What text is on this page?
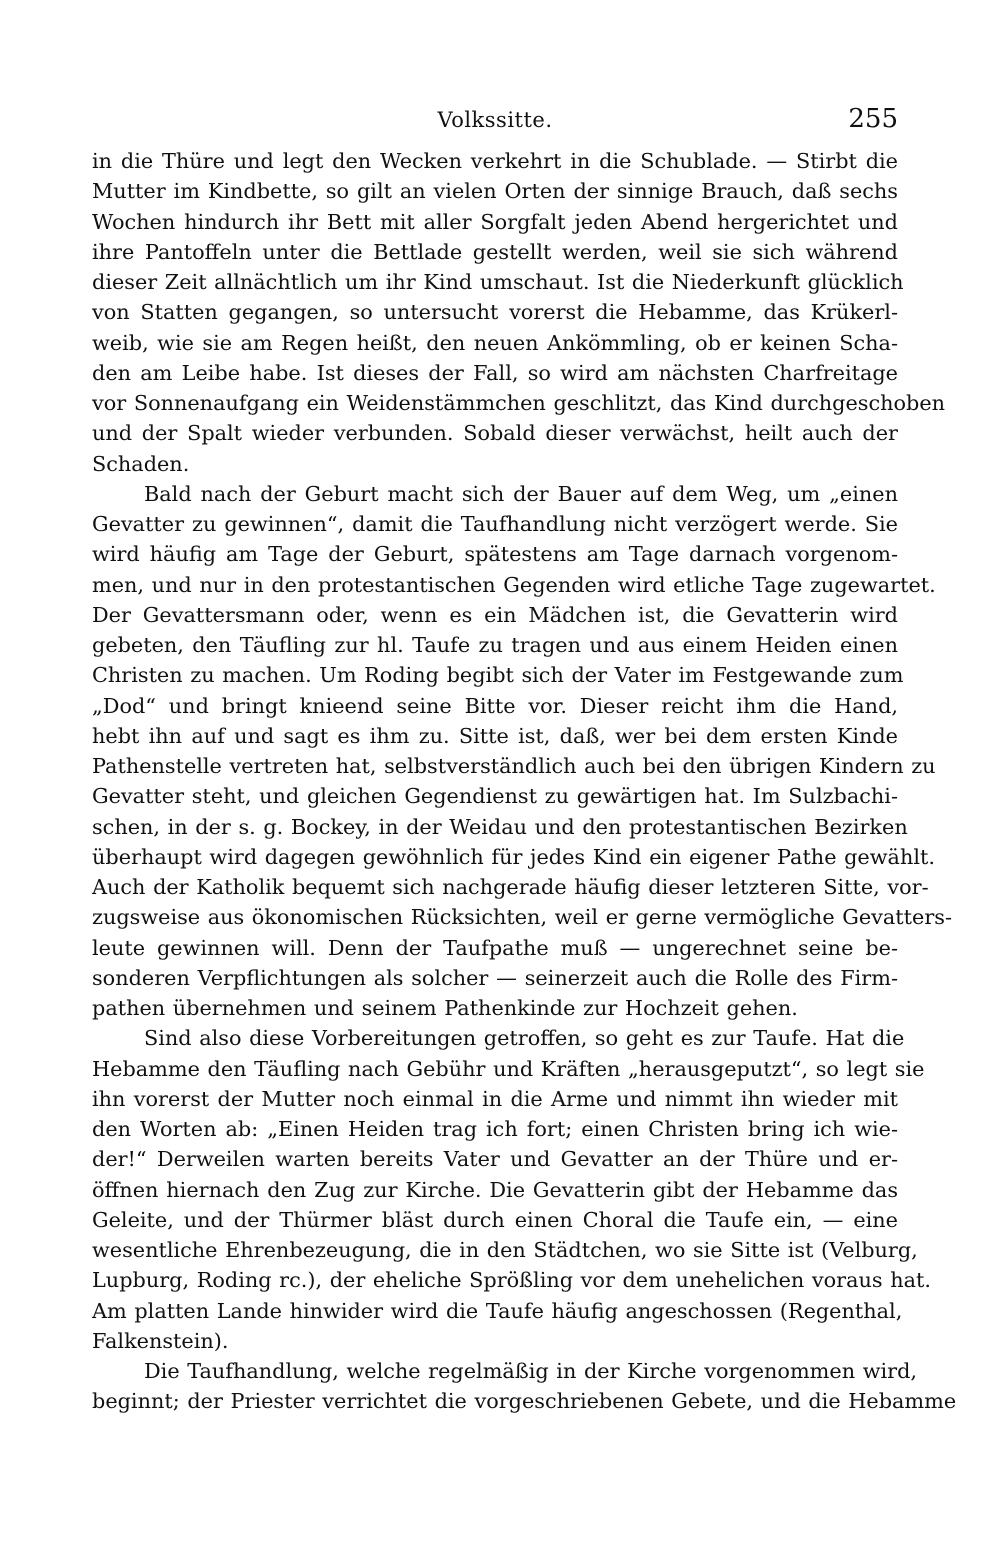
Volkssitte.	255
in die Thüre und legt den Wecken verkehrt in die Schublade. — Stirbt die
Mutter im Kindbette, so gilt an vielen Orten der sinnige Brauch, daß sechs
Wochen hindurch ihr Bett mit aller Sorgfalt jeden Abend hergerichtet und
ihre Pantoffeln unter die Bettlade gestellt werden, weil sie sich während
dieser Zeit allnächtlich um ihr Kind umschaut. Ist die Niederkunft glücklich
von Statten gegangen, so untersucht vorerst die Hebamme, das Krükerl-
weib, wie sie am Regen heißt, den neuen Ankömmling, ob er keinen Scha-
den am Leibe habe. Ist dieses der Fall, so wird am nächsten Charfreitage
vor Sonnenaufgang ein Weidenstämmchen geschlitzt, das Kind durchgeschoben
und der Spalt wieder verbunden. Sobald dieser verwächst, heilt auch der
Schaden.
Bald nach der Geburt macht sich der Bauer auf dem Weg, um „einen
Gevatter zu gewinnen“, damit die Taufhandlung nicht verzögert werde. Sie
wird häufig am Tage der Geburt, spätestens am Tage darnach vorgenom-
men, und nur in den protestantischen Gegenden wird etliche Tage zugewartet.
Der Gevattersmann oder, wenn es ein Mädchen ist, die Gevatterin wird
gebeten, den Täufling zur hl. Taufe zu tragen und aus einem Heiden einen
Christen zu machen. Um Roding begibt sich der Vater im Festgewande zum
„Dod“ und bringt knieend seine Bitte vor. Dieser reicht ihm die Hand,
hebt ihn auf und sagt es ihm zu. Sitte ist, daß, wer bei dem ersten Kinde
Pathenstelle vertreten hat, selbstverständlich auch bei den übrigen Kindern zu
Gevatter steht, und gleichen Gegendienst zu gewärtigen hat. Im Sulzbachi-
schen, in der s. g. Bockey, in der Weidau und den protestantischen Bezirken
überhaupt wird dagegen gewöhnlich für jedes Kind ein eigener Pathe gewählt.
Auch der Katholik bequemt sich nachgerade häufig dieser letzteren Sitte, vor-
zugsweise aus ökonomischen Rücksichten, weil er gerne vermögliche Gevatters-
leute gewinnen will. Denn der Taufpathe muß — ungerechnet seine be-
sonderen Verpflichtungen als solcher — seinerzeit auch die Rolle des Firm-
pathen übernehmen und seinem Pathenkinde zur Hochzeit gehen.
Sind also diese Vorbereitungen getroffen, so geht es zur Taufe. Hat die
Hebamme den Täufling nach Gebühr und Kräften „herausgeputzt“, so legt sie
ihn vorerst der Mutter noch einmal in die Arme und nimmt ihn wieder mit
den Worten ab: „Einen Heiden trag ich fort; einen Christen bring ich wie-
der!“ Derweilen warten bereits Vater und Gevatter an der Thüre und er-
öffnen hiernach den Zug zur Kirche. Die Gevatterin gibt der Hebamme das
Geleite, und der Thürmer bläst durch einen Choral die Taufe ein, — eine
wesentliche Ehrenbezeugung, die in den Städtchen, wo sie Sitte ist (Velburg,
Lupburg, Roding rc.), der eheliche Sprößling vor dem unehelichen voraus hat.
Am platten Lande hinwider wird die Taufe häufig angeschossen (Regenthal,
Falkenstein).
Die Taufhandlung, welche regelmäßig in der Kirche vorgenommen wird,
beginnt; der Priester verrichtet die vorgeschriebenen Gebete, und die Hebamme
